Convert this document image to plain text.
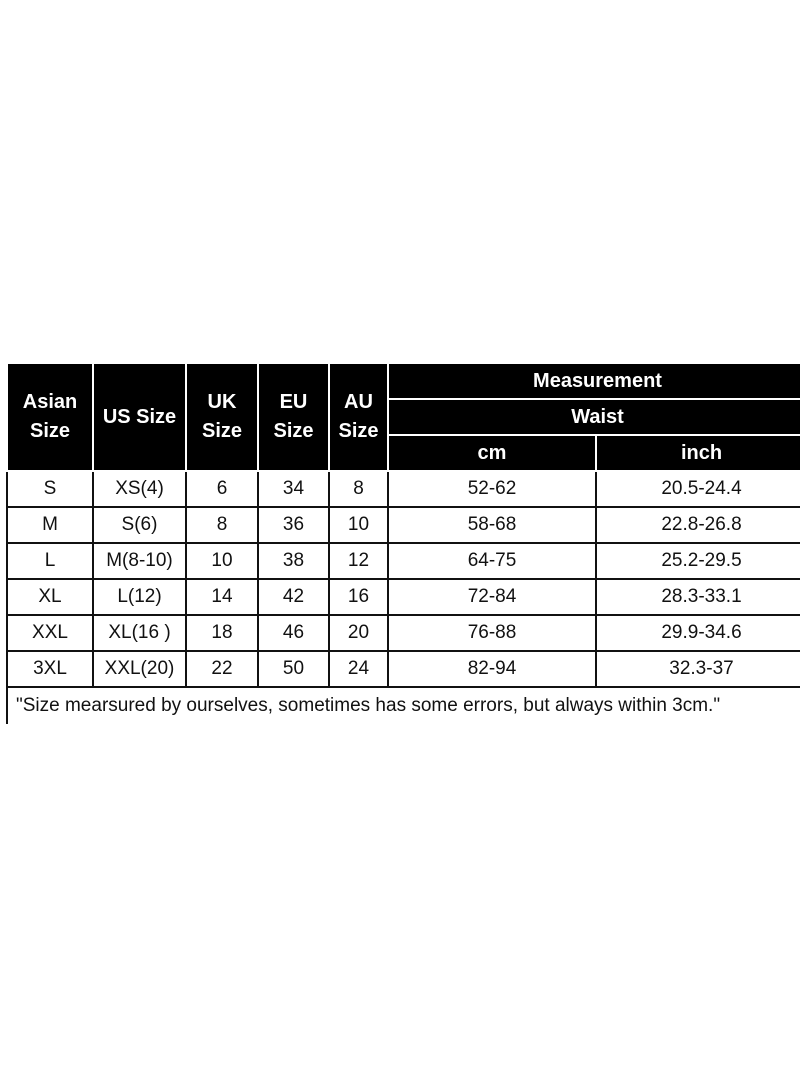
Asian Size	US Size	UK Size	EU Size	AU Size	Measurement	
					Waist	
					cm	inch
S	XS(4)	6	34	8	52-62	20.5-24.4
M	S(6)	8	36	10	58-68	22.8-26.8
L	M(8-10)	10	38	12	64-75	25.2-29.5
XL	L(12)	14	42	16	72-84	28.3-33.1
XXL	XL(16 )	18	46	20	76-88	29.9-34.6
3XL	XXL(20)	22	50	24	82-94	32.3-37
"Size mearsured by ourselves, sometimes has some errors, but always within 3cm."						
